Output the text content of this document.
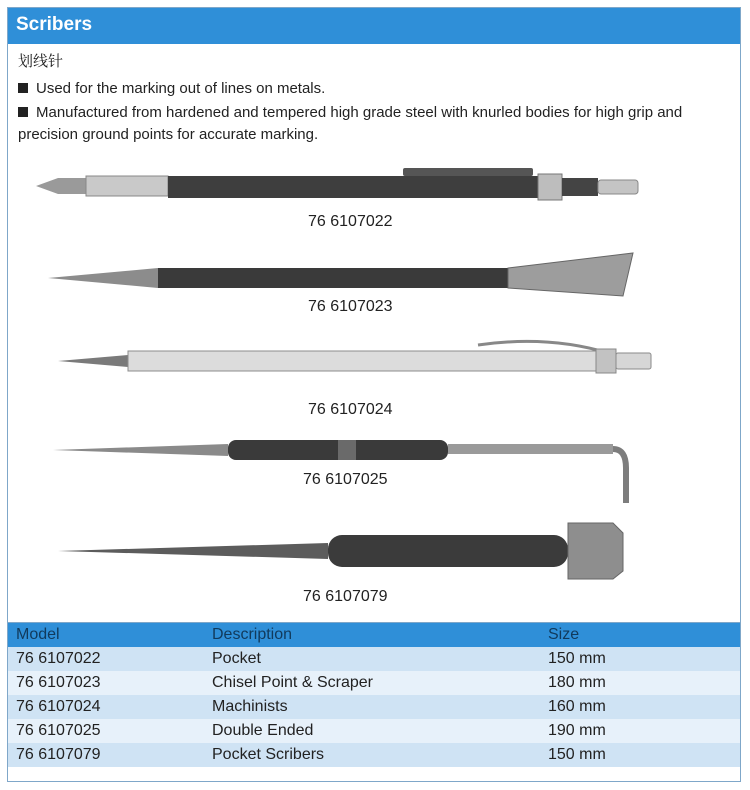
Scribers
划线针
Used for the marking out of lines on metals.
Manufactured from hardened and tempered high grade steel with knurled bodies for high grip and precision ground points for accurate marking.
76 6107022
76 6107023
76 6107024
76 6107025
76 6107079
Model	Description	Size
76 6107022	Pocket	150 mm
76 6107023	Chisel Point & Scraper	180 mm
76 6107024	Machinists	160 mm
76 6107025	Double Ended	190 mm
76 6107079	Pocket Scribers	150 mm
